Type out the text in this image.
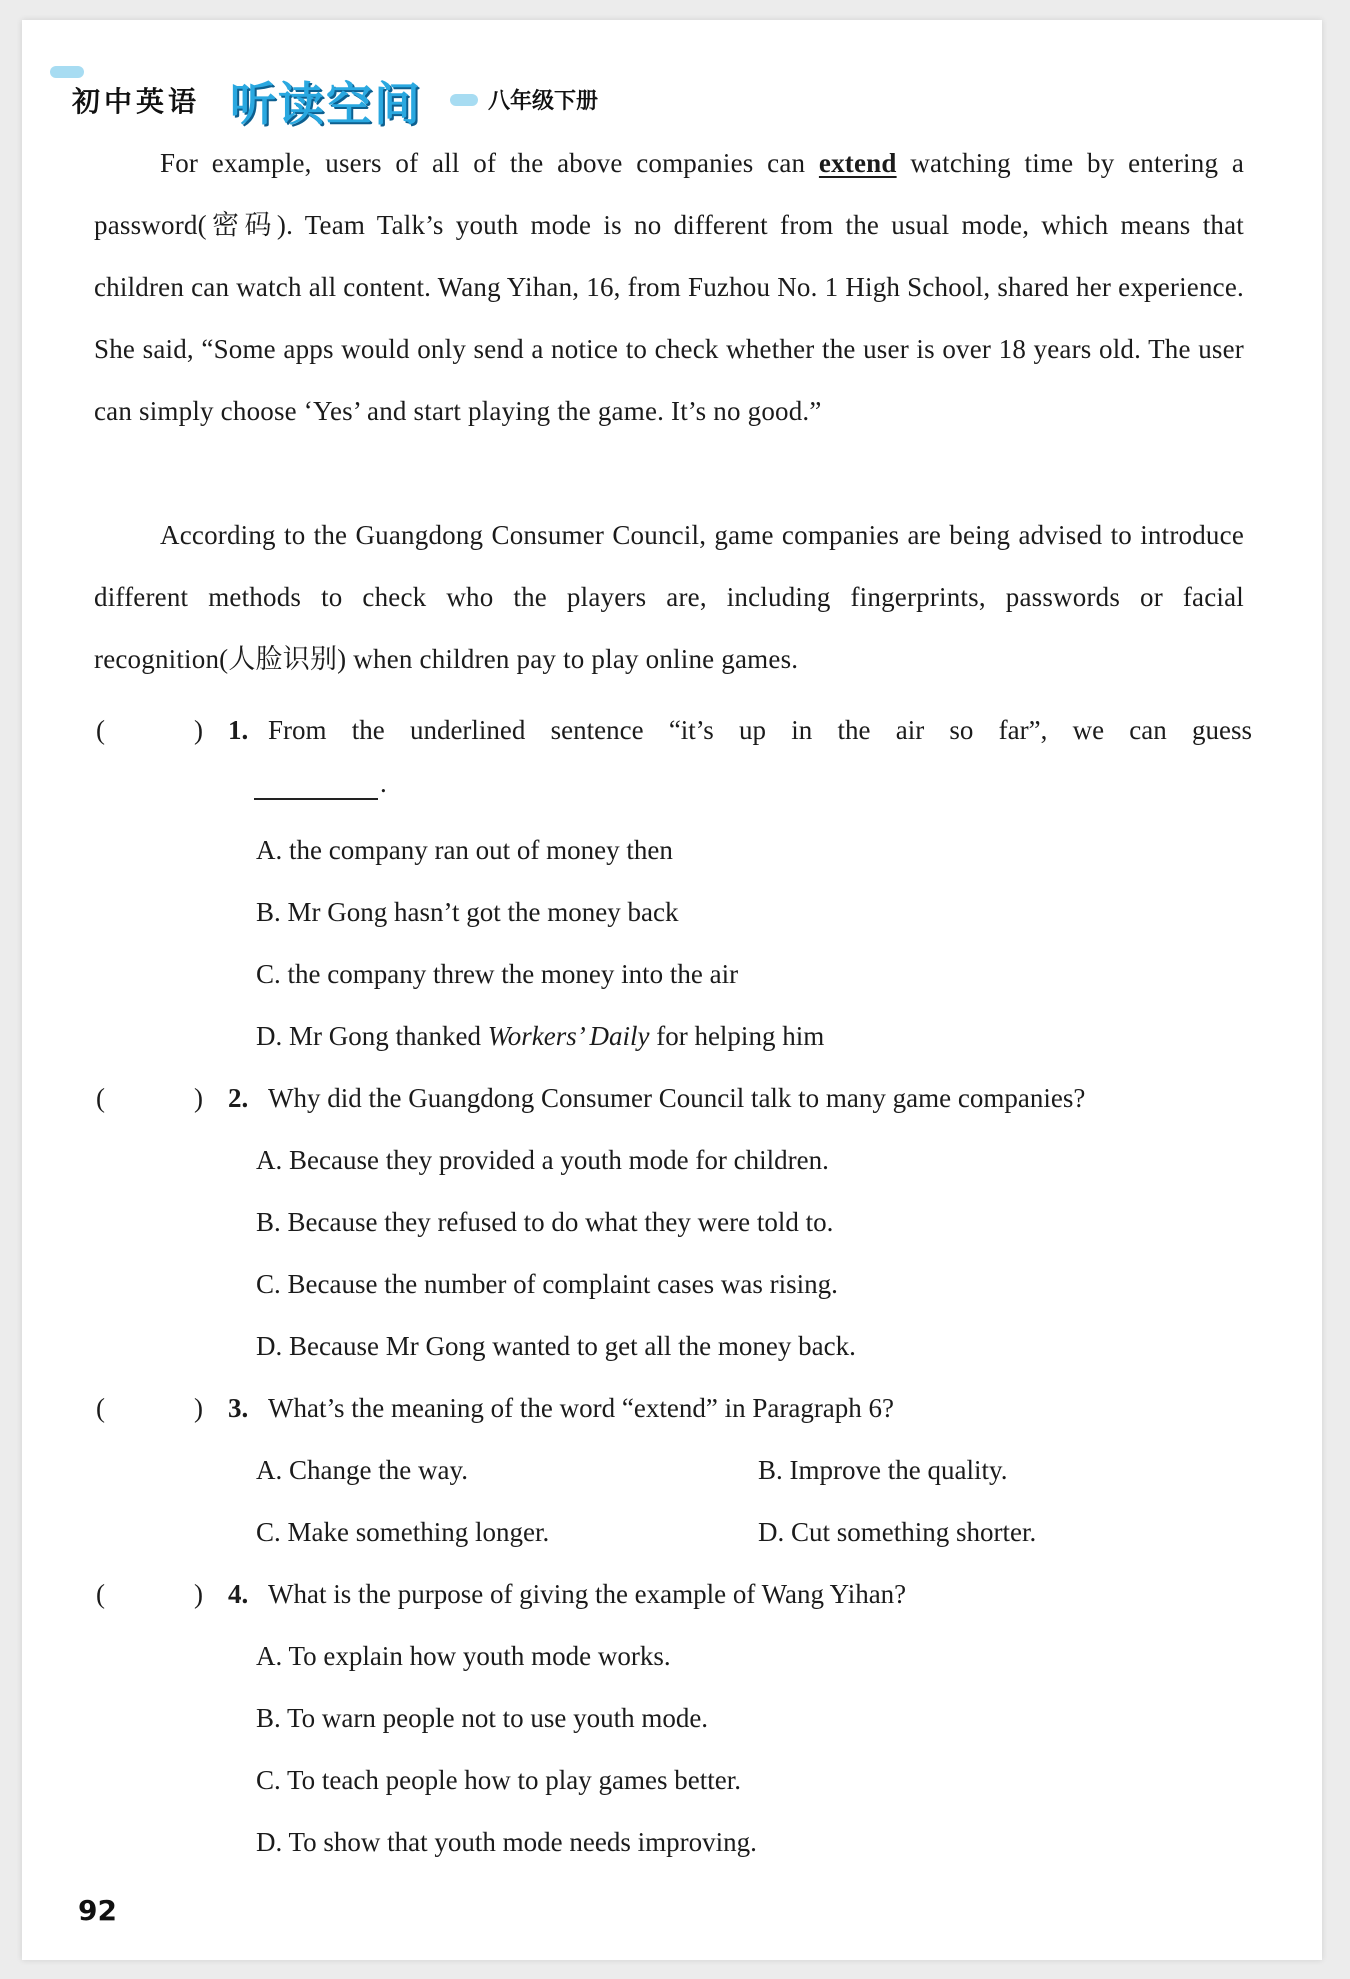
初中英语 听读空间	八年级下册
For example, users of all of the above companies can extend watching time by entering a password(密码). Team Talk’s youth mode is no different from the usual mode, which means that children can watch all content. Wang Yihan, 16, from Fuzhou No. 1 High School, shared her experience. She said, “Some apps would only send a notice to check whether the user is over 18 years old. The user can simply choose ‘Yes’ and start playing the game. It’s no good.”
According to the Guangdong Consumer Council, game companies are being advised to introduce different methods to check who the players are, including fingerprints, passwords or facial recognition(人脸识别) when children pay to play online games.
(	) 1. From the underlined sentence “it’s up in the air so far”, we can guess
.
A. the company ran out of money then
B. Mr Gong hasn’t got the money back
C. the company threw the money into the air
D. Mr Gong thanked Workers’ Daily for helping him
(	) 2. Why did the Guangdong Consumer Council talk to many game companies?
A. Because they provided a youth mode for children.
B. Because they refused to do what they were told to.
C. Because the number of complaint cases was rising.
D. Because Mr Gong wanted to get all the money back.
(	) 3. What’s the meaning of the word “extend” in Paragraph 6?
A. Change the way.	B. Improve the quality.
C. Make something longer.	D. Cut something shorter.
(	) 4. What is the purpose of giving the example of Wang Yihan?
A. To explain how youth mode works.
B. To warn people not to use youth mode.
C. To teach people how to play games better.
D. To show that youth mode needs improving.
92
